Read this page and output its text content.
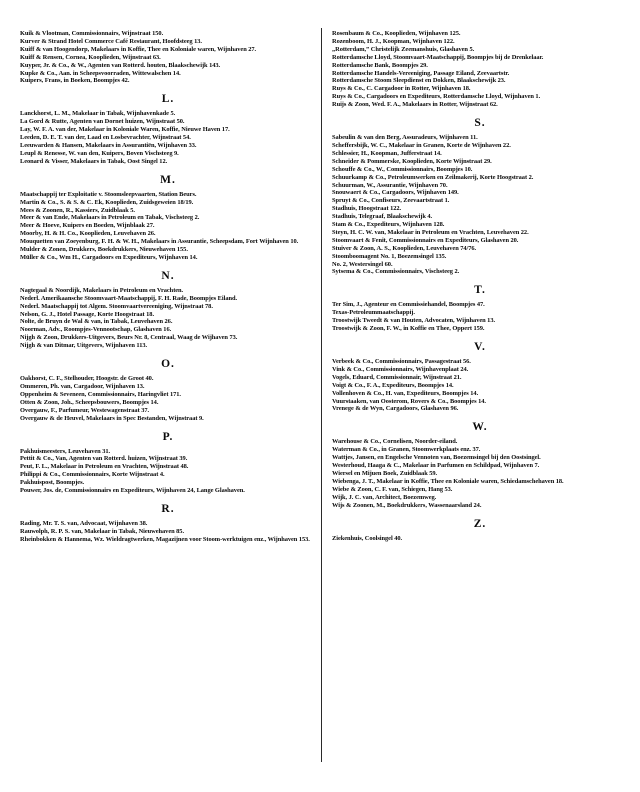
Kuik & Vlootman, Commissionnairs, Wijnstraat 150.
Kurver & Strand Hotel Commerce Café Restaurant, Hoofdsteeg 13.
Kuiff & van Hoogendorp, Makelaars in Koffie, Thee en Koloniale waren, Wijnhaven 27.
Kuiff & Rensen, Cornea, Kooplieden, Wijnstraat 63.
Kuyper, Jr. & Co., & W., Agenten van Rotterd. houten, Blaakschewijk 143.
Kupke & Co., Aan. in Scheepsvoorraden, Wittewalschen 14.
Kuipers, Frans, in Boeken, Boompjes 42.
L.
Lanckhorst, L. M., Makelaar in Tabak, Wijnhavenkade 5.
La Gord & Rutte, Agenten van Dornet huizen, Wijnstraat 50.
Lay, W. F. A. van der, Makelaar in Koloniale Waren, Koffie, Nieuwe Haven 17.
Leeden, D. E. T. van der, Laad en Losbevrachter, Wijnstraat 54.
Leeuwarden & Hansen, Makelaars in Assurantiën, Wijnhaven 33.
Leupl & Renesse, W. van den, Kuipers, Boven Vischsteeg 9.
Leonard & Visser, Makelaars in Tabak, Oost Singel 12.
M.
Maatschappij ter Exploitatie v. Stoomsleepvaarten, Station Beurs.
Martin & Co., S. & S. & C. Ek, Kooplieden, Zuidsgeweien 18/19.
Mees & Zoonen, R., Kassiers, Zuidblaak 5.
Meer & van Ende, Makelaars in Petroleum en Tabak, Vischsteeg 2.
Meer & Hoeve, Kuipers en Boeden, Wijnblaak 27.
Moorby, H. & H. Co., Kooplieden, Leuvehaven 26.
Mouquetten van Zoeyenburg, F. H. & W. H., Makelaars in Assurantie, Scheepsdam, Fort Wijnhaven 10.
Mulder & Zonen, Drukkers, Boekdrukkers, Nieuwehaven 155.
Müller & Co., Wm H., Cargadoors en Expediteurs, Wijnhaven 14.
N.
Nagtegaal & Noordijk, Makelaars in Petroleum en Vrachten.
Nederl. Amerikaansche Stoomvaart-Maatschappij, F. H. Rade, Boompjes Eiland.
Nederl. Maatschappij tot Algem. Stoomvaartvereeniging, Wijnstraat 78.
Nelson, G. J., Hotel Passage, Korte Hoogstraat 18.
Nolte, de Bruyn de Wal & van, in Tabak, Leuvehaven 26.
Noorman, Adv., Roompjes-Vennootschap, Glashaven 16.
Nijgh & Zoon, Drukkers-Uitgevers, Beurs Nr. 8, Centraal, Waag de Wijhaven 73.
Nijgh & van Ditmar, Uitgevers, Wijnhaven 113.
O.
Oakhorst, C. F., Stelhouder, Hoogstr. de Groot 40.
Ommeren, Ph. van, Cargadoor, Wijnhaven 13.
Oppenheim & Seveneen, Commissionnairs, Haringvliet 171.
Otten & Zoon, Joh., Scheepsbouwers, Boompjes 14.
Overgauw, F., Parfumeur, Westewagenstraat 37.
Overgauw & de Heuvel, Makelaars in Spec Bestanden, Wijnstraat 9.
P.
Pakhuismeesters, Leuvehaven 31.
Pettit & Co., Van, Agenten van Rotterd. huizen, Wijnstraat 39.
Peut, F. L., Makelaar in Petroleum en Vrachten, Wijnstraat 48.
Philippi & Co., Commissionnairs, Korte Wijnstraat 4.
Pakhuispost, Boompjes.
Pouwer, Jos. de, Commissionnairs en Expediteurs, Wijnhaven 24, Lange Glashaven.
R.
Rading, Mr. T. S. van, Advocaat, Wijnhaven 38.
Rauwolph, R. P. S. van, Makelaar in Tabak, Nieuwehaven 85.
Rheinbokken & Hannema, Wz. Wieldragtwerken, Magazijnen voor Stoom-werktuigen enz., Wijnhaven 153.
Rosenbaum & Co., Kooplieden, Wijnhaven 125.
Rozenboom, H. J., Koopman, Wijnhaven 122.
„Rotterdam,” Christelijk Zeemanshuis, Glashaven 5.
Rotterdamsche Lloyd, Stoomvaart-Maatschappij, Boompjes bij de Drenkelaar.
Rotterdamsche Bank, Boompjes 29.
Rotterdamsche Handels-Vereeniging, Passage Eiland, Zeevaartstr.
Rotterdamsche Stoom Sleepdienst en Dokken, Blaakschewijk 23.
Ruys & Co., C. Cargadoor in Rotter, Wijnhaven 18.
Ruys & Co., Cargadoors en Expediteurs, Rotterdamsche Lloyd, Wijnhaven 1.
Ruijs & Zoon, Wed. F. A., Makelaars in Rotter, Wijnstraat 62.
S.
Sabeulin & van den Berg, Assuradeurs, Wijnhaven 11.
Scheffersbijk, W. C., Makelaar in Granen, Korte de Wijnhaven 22.
Schlessier, H., Koopman, Jufferstraat 14.
Schneider & Pommerske, Kooplieden, Korte Wijnstraat 29.
Schouffe & Co., W., Commissionnairs, Boompjes 10.
Schuurkamp & Co., Petroleumwerken en Zeilmakerij, Korte Hoogstraat 2.
Schuurman, W., Assurantie, Wijnhaven 70.
Snouwaert & Co., Cargadoors, Wijnhaven 149.
Spruyt & Co., Confiseurs, Zeevaartstraat 1.
Stadhuis, Hoogstraat 122.
Stadhuis, Telegraaf, Blaakschewijk 4.
Stam & Co., Expediteurs, Wijnhaven 128.
Steyn, H. C. W. van, Makelaar in Petroleum en Vrachten, Leuvehaven 22.
Stoomvaart & Fenit, Commissionnairs en Expediteurs, Glashaven 20.
Stuiver & Zoon, A. S., Kooplieden, Leuvehaven 74/76.
Stoomboomagent No. 1, Boezemsingel 135.
No. 2, Westersingel 60.
Sytsema & Co., Commissionnairs, Vischsteeg 2.
T.
Ter Sim, J., Agenteur en Commissiehandel, Boompjes 47.
Texas-Petroleummaatschappij.
Troostwijk Tweedt & van Houten, Advocaten, Wijnhaven 13.
Troostwijk & Zoon, F. W., in Koffie en Thee, Oppert 159.
V.
Verbeek & Co., Commissionnairs, Passagestraat 56.
Vink & Co., Commissionnairs, Wijnhavenplaat 24.
Vogels, Eduard, Commissionnair, Wijnstraat 21.
Voigt & Co., F. A., Expediteurs, Boompjes 14.
Vollenhoven & Co., H. van, Expediteurs, Boompjes 14.
Vuurstaaken, van Oosterom, Rovers & Co., Boompjes 14.
Vrenege & de Wyn, Cargadoors, Glashaven 96.
W.
Warehouse & Co., Cornelisen, Noorder-eiland.
Waterman & Co., in Granen, Stoomwerkplaats enz. 37.
Wattjes, Jansen, en Engelsche Vennoten van, Boezemsingel bij den Oostsingel.
Westerhoud, Haaga & C., Makelaar in Parfumen en Schildpad, Wijnhaven 7.
Wiersel en Mijuen Boek, Zuidblaak 59.
Wiebenga, J. T., Makelaar in Koffie, Thee en Koloniale waren, Schiedamschehaven 18.
Wiebe & Zoon, C. F. van, Schiegen, Hang 53.
Wijk, J. C. van, Architect, Boezemweg.
Wijs & Zoonen, M., Boekdrukkers, Wassenaarsland 24.
Z.
Ziekenhuis, Coolsingel 40.
